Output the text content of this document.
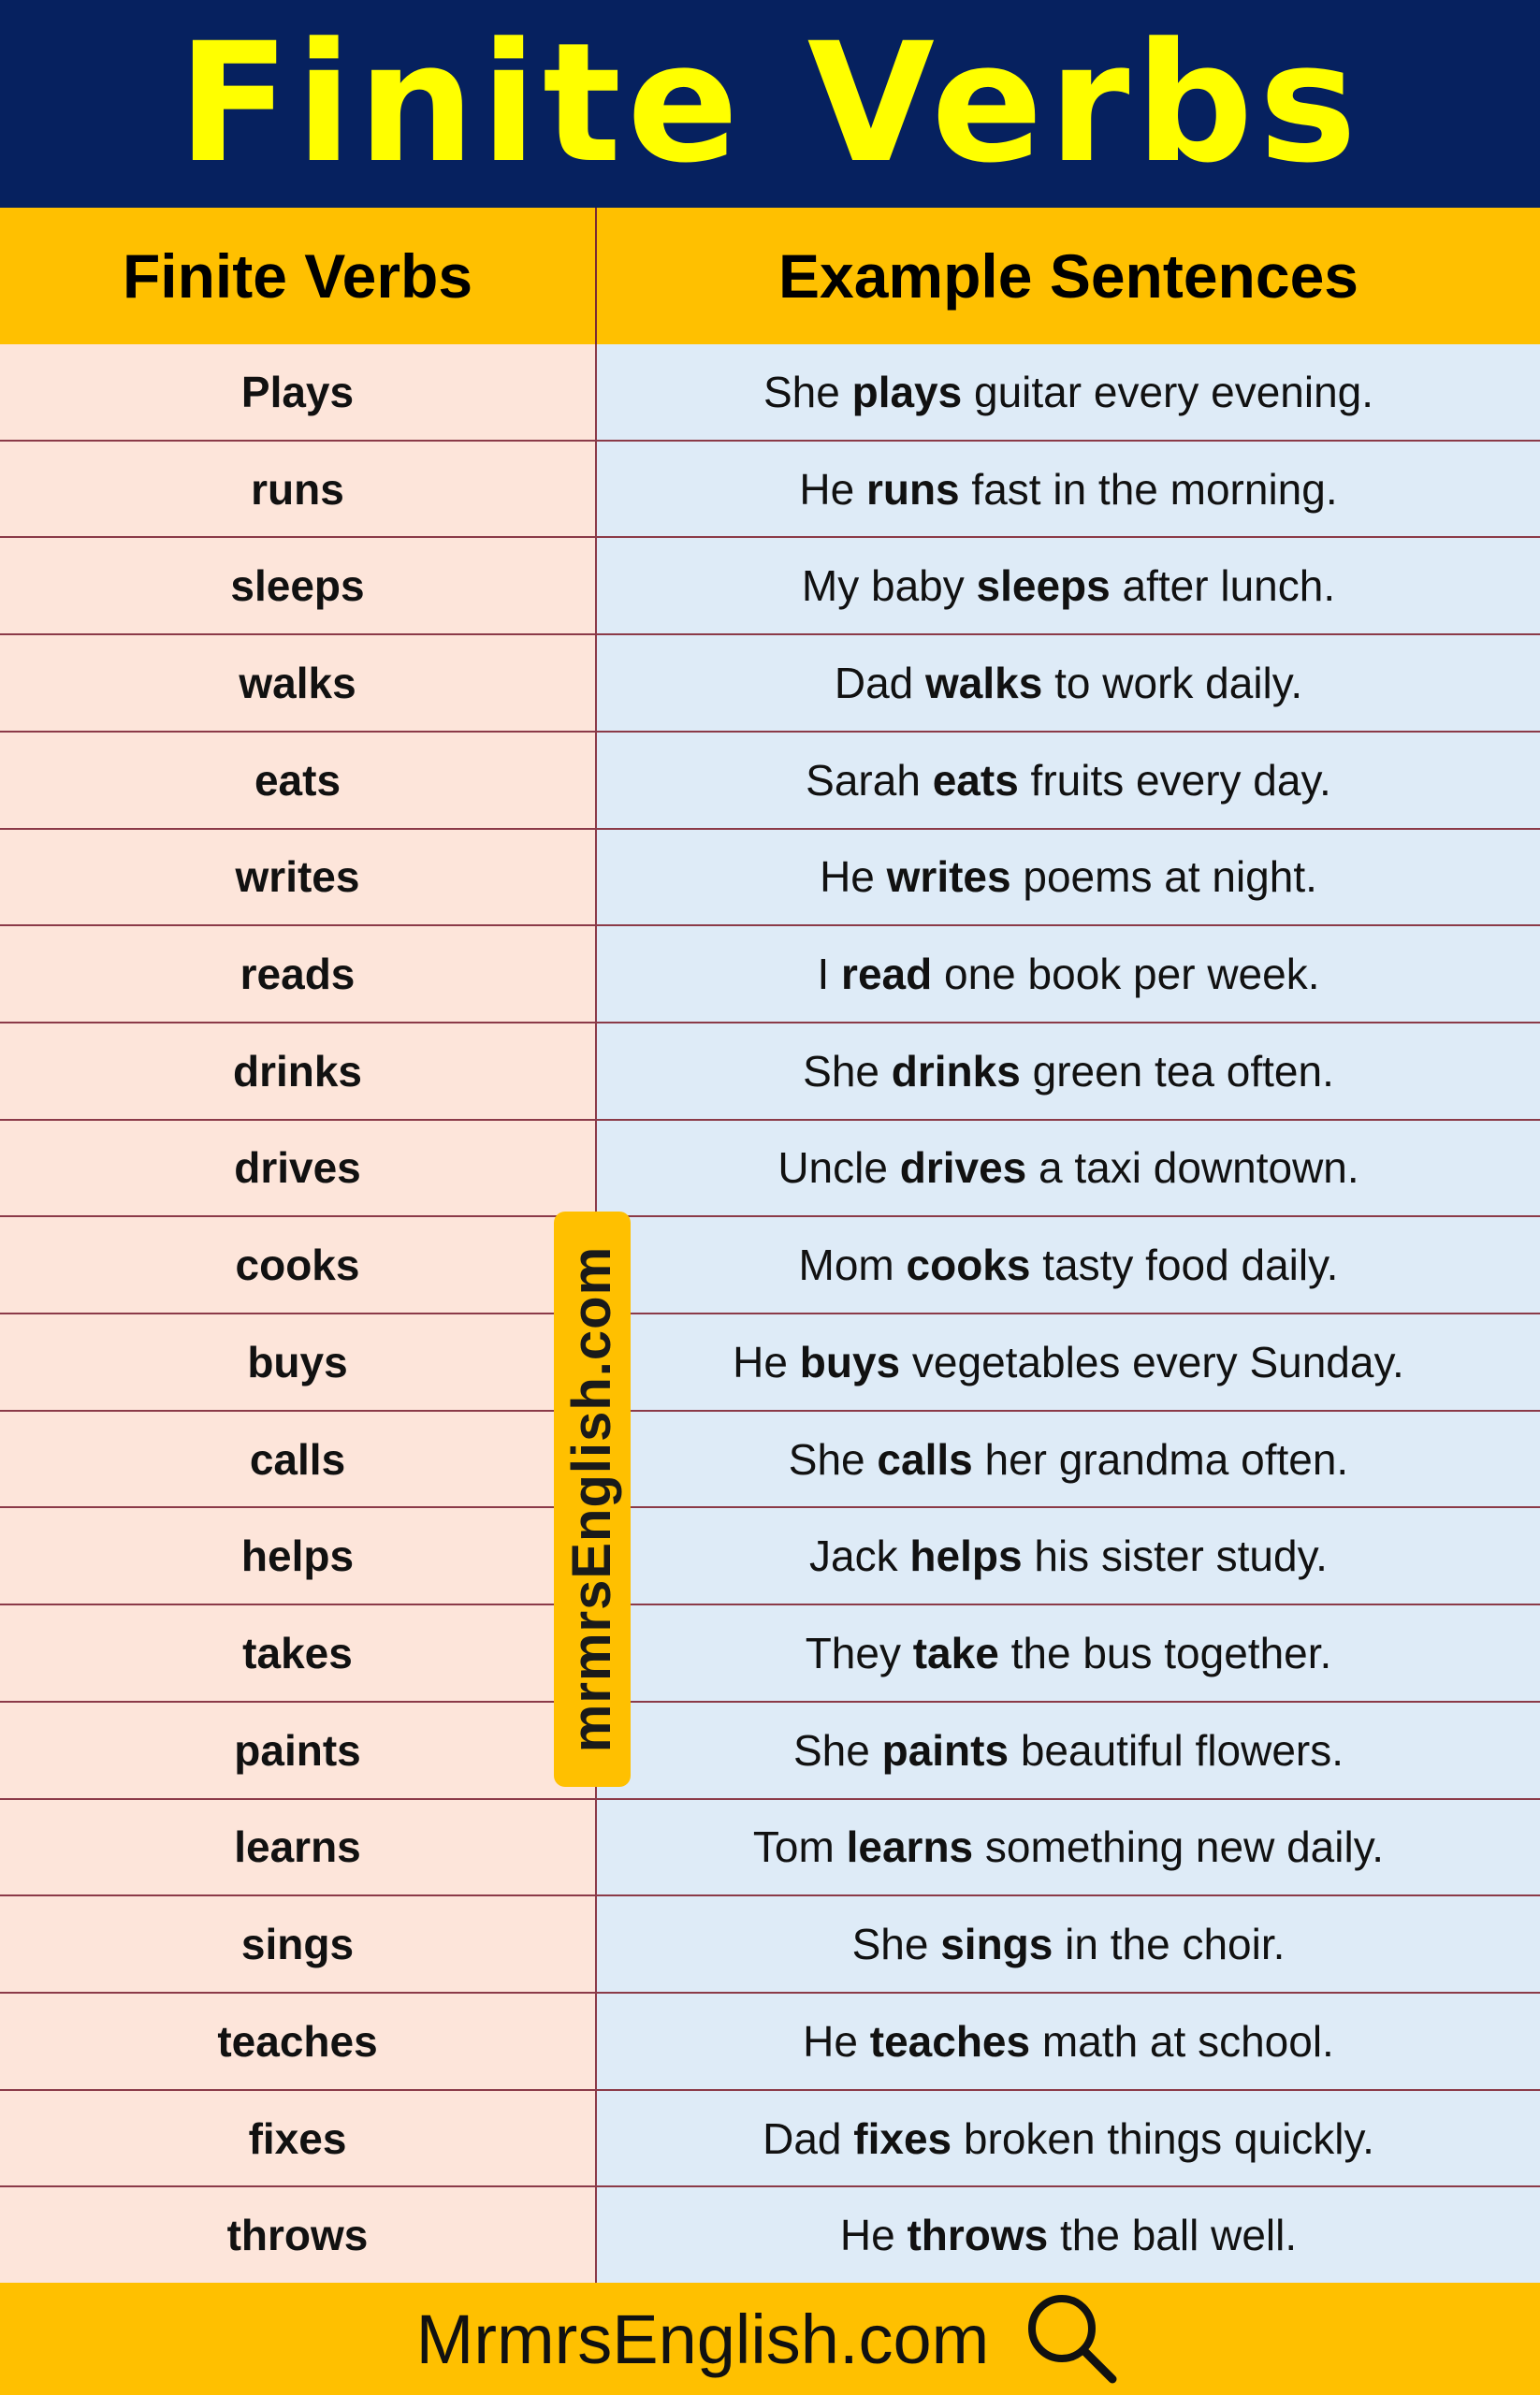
Finite Verbs
Finite Verbs	Example Sentences
Plays	She plays guitar every evening.
runs	He runs fast in the morning.
sleeps	My baby sleeps after lunch.
walks	Dad walks to work daily.
eats	Sarah eats fruits every day.
writes	He writes poems at night.
reads	I read one book per week.
drinks	She drinks green tea often.
drives	Uncle drives a taxi downtown.
cooks	Mom cooks tasty food daily.
buys	He buys vegetables every Sunday.
calls	She calls her grandma often.
helps	Jack helps his sister study.
takes	They take the bus together.
paints	She paints beautiful flowers.
learns	Tom learns something new daily.
sings	She sings in the choir.
teaches	He teaches math at school.
fixes	Dad fixes broken things quickly.
throws	He throws the ball well.
mrmrsEnglish.com
MrmrsEnglish.com
